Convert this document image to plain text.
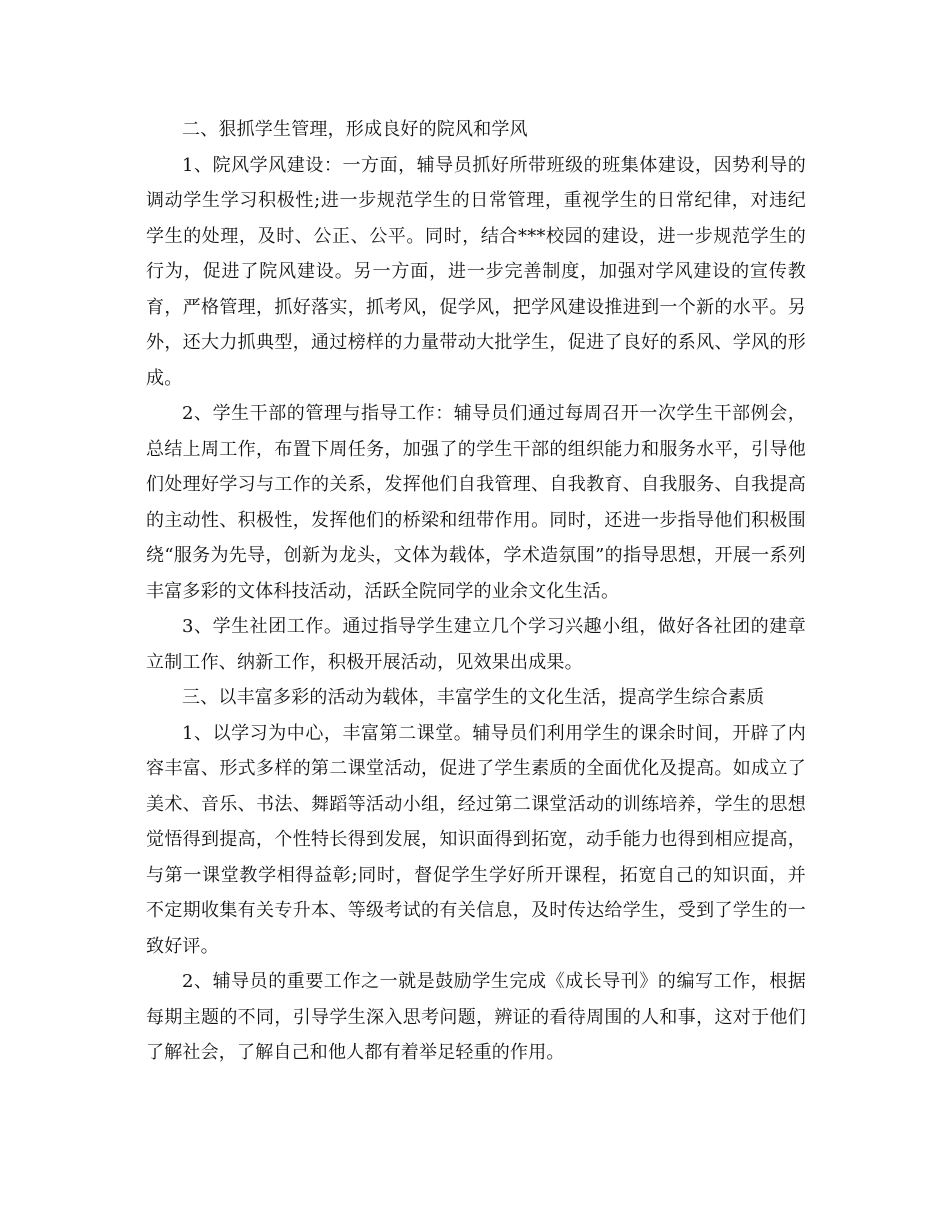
二、狠抓学生管理，形成良好的院风和学风

1、院风学风建设：一方面，辅导员抓好所带班级的班集体建设，因势利导的调动学生学习积极性;进一步规范学生的日常管理，重视学生的日常纪律，对违纪学生的处理，及时、公正、公平。同时，结合***校园的建设，进一步规范学生的行为，促进了院风建设。另一方面，进一步完善制度，加强对学风建设的宣传教育，严格管理，抓好落实，抓考风，促学风，把学风建设推进到一个新的水平。另外，还大力抓典型，通过榜样的力量带动大批学生，促进了良好的系风、学风的形成。

2、学生干部的管理与指导工作：辅导员们通过每周召开一次学生干部例会，总结上周工作，布置下周任务，加强了的学生干部的组织能力和服务水平，引导他们处理好学习与工作的关系，发挥他们自我管理、自我教育、自我服务、自我提高的主动性、积极性，发挥他们的桥梁和纽带作用。同时，还进一步指导他们积极围绕“服务为先导，创新为龙头，文体为载体，学术造氛围”的指导思想，开展一系列丰富多彩的文体科技活动，活跃全院同学的业余文化生活。

3、学生社团工作。通过指导学生建立几个学习兴趣小组，做好各社团的建章立制工作、纳新工作，积极开展活动，见效果出成果。

三、以丰富多彩的活动为载体，丰富学生的文化生活，提高学生综合素质

1、以学习为中心，丰富第二课堂。辅导员们利用学生的课余时间，开辟了内容丰富、形式多样的第二课堂活动，促进了学生素质的全面优化及提高。如成立了美术、音乐、书法、舞蹈等活动小组，经过第二课堂活动的训练培养，学生的思想觉悟得到提高，个性特长得到发展，知识面得到拓宽，动手能力也得到相应提高，与第一课堂教学相得益彰;同时，督促学生学好所开课程，拓宽自己的知识面，并不定期收集有关专升本、等级考试的有关信息，及时传达给学生，受到了学生的一致好评。

2、辅导员的重要工作之一就是鼓励学生完成《成长导刊》的编写工作，根据每期主题的不同，引导学生深入思考问题，辨证的看待周围的人和事，这对于他们了解社会，了解自己和他人都有着举足轻重的作用。
